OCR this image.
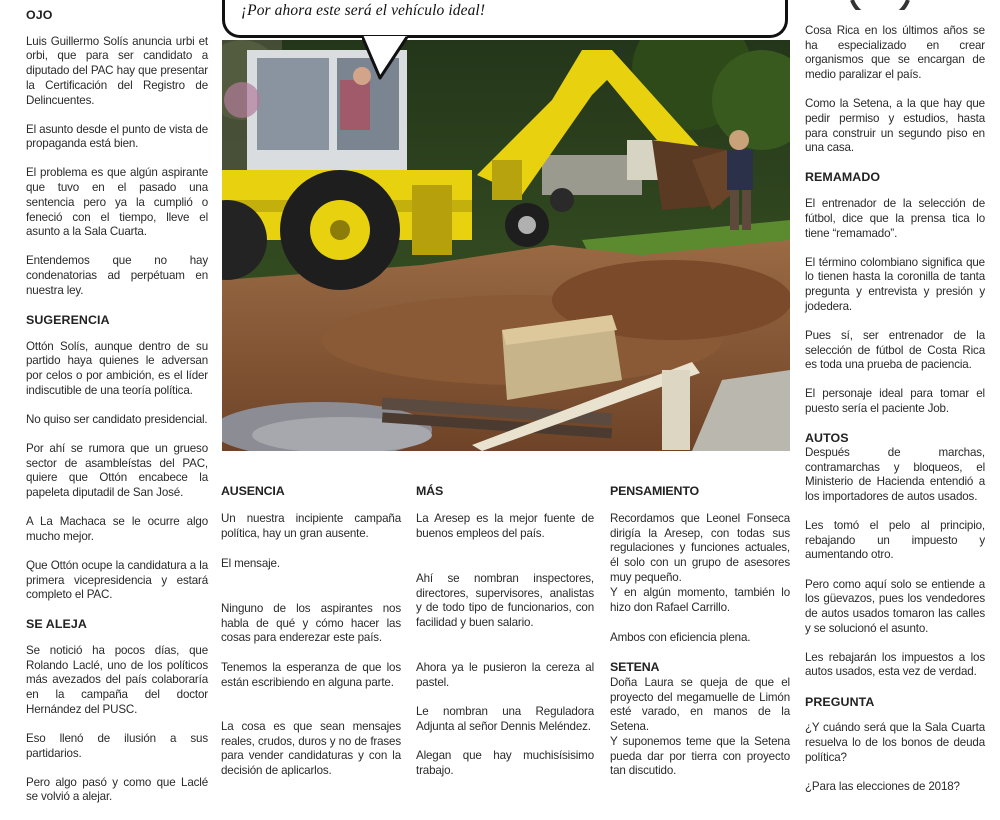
OJO

Luis Guillermo Solís anuncia urbi et orbi, que para ser candidato a diputado del PAC hay que presentar la Certificación del Registro de Delincuentes.

El asunto desde el punto de vista de propaganda está bien.

El problema es que algún aspirante que tuvo en el pasado una sentencia pero ya la cumplió o feneció con el tiempo, lleve el asunto a la Sala Cuarta.

Entendemos que no hay condenatorias ad perpétuam en nuestra ley.

SUGERENCIA

Ottón Solís, aunque dentro de su partido haya quienes le adversan por celos o por ambición, es el líder indiscutible de una teoría política.

No quiso ser candidato presidencial.

Por ahí se rumora que un grueso sector de asambleístas del PAC, quiere que Ottón encabece la papeleta diputadil de San José.

A La Machaca se le ocurre algo mucho mejor.

Que Ottón ocupe la candidatura a la primera vicepresidencia y estará completo el PAC.

SE ALEJA

Se notició ha pocos días, que Rolando Laclé, uno de los políticos más avezados del país colaboraría en la campaña del doctor Hernández del PUSC.

Eso llenó de ilusión a sus partidarios.

Pero algo pasó y como que Laclé se volvió a alejar.

¡Por ahora este será el vehículo ideal!
AUSENCIA

Un nuestra incipiente campaña política, hay un gran ausente.

El mensaje.

Ninguno de los aspirantes nos habla de qué y cómo hacer las cosas para enderezar este país.

Tenemos la esperanza de que los están escribiendo en alguna parte.

La cosa es que sean mensajes reales, crudos, duros y no de frases para vender candidaturas y con la decisión de aplicarlos.

MÁS

La Aresep es la mejor fuente de buenos empleos del país.

Ahí se nombran inspectores, directores, supervisores, analistas y de todo tipo de funcionarios, con facilidad y buen salario.

Ahora ya le pusieron la cereza al pastel.

Le nombran una Reguladora Adjunta al señor Dennis Meléndez.

Alegan que hay muchisísisimo trabajo.

PENSAMIENTO

Recordamos que Leonel Fonseca dirigía la Aresep, con todas sus regulaciones y funciones actuales, él solo con un grupo de asesores muy pequeño.

Y en algún momento, también lo hizo don Rafael Carrillo.

Ambos con eficiencia plena.

SETENA

Doña Laura se queja de que el proyecto del megamuelle de Limón esté varado, en manos de la Setena.

Y suponemos teme que la Setena pueda dar por tierra con proyecto tan discutido.

Cosa Rica en los últimos años se ha especializado en crear organismos que se encargan de medio paralizar el país.

Como la Setena, a la que hay que pedir permiso y estudios, hasta para construir un segundo piso en una casa.

REMAMADO

El entrenador de la selección de fútbol, dice que la prensa tica lo tiene “remamado”.

El término colombiano significa que lo tienen hasta la coronilla de tanta pregunta y entrevista y presión y jodedera.

Pues sí, ser entrenador de la selección de fútbol de Costa Rica es toda una prueba de paciencia.

El personaje ideal para tomar el puesto sería el paciente Job.

AUTOS

Después de marchas, contramarchas y bloqueos, el Ministerio de Hacienda entendió a los importadores de autos usados.

Les tomó el pelo al principio, rebajando un impuesto y aumentando otro.

Pero como aquí solo se entiende a los güevazos, pues los vendedores de autos usados tomaron las calles y se solucionó el asunto.

Les rebajarán los impuestos a los autos usados, esta vez de verdad.

PREGUNTA

¿Y cuándo será que la Sala Cuarta resuelva lo de los bonos de deuda política?

¿Para las elecciones de 2018?
